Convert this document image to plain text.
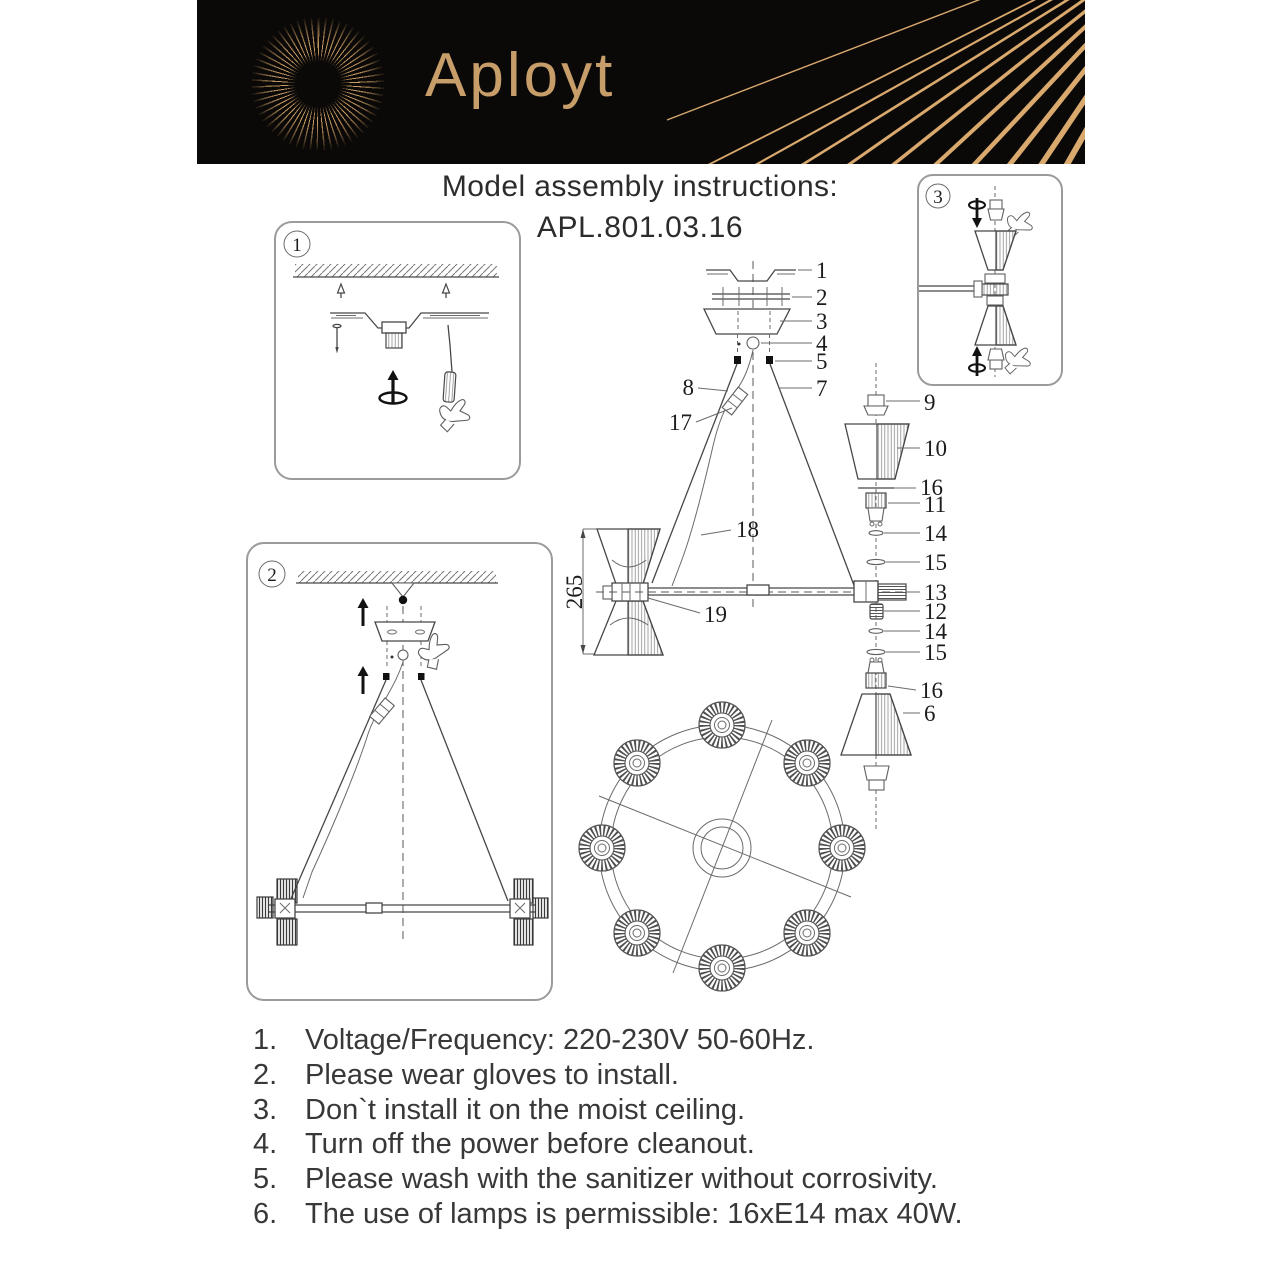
Aployt
Model assembly instructions:
APL.801.03.16
1
2
3
1
2
3
4
5
7
8
17
18
265
19
9
10
16
11
14
15
13
12
14
15
16
6
1. Voltage/Frequency: 220-230V 50-60Hz.
2. Please wear gloves to install.
3. Don`t install it on the moist ceiling.
4. Turn off the power before cleanout.
5. Please wash with the sanitizer without corrosivity.
6. The use of lamps is permissible: 16xE14 max 40W.
